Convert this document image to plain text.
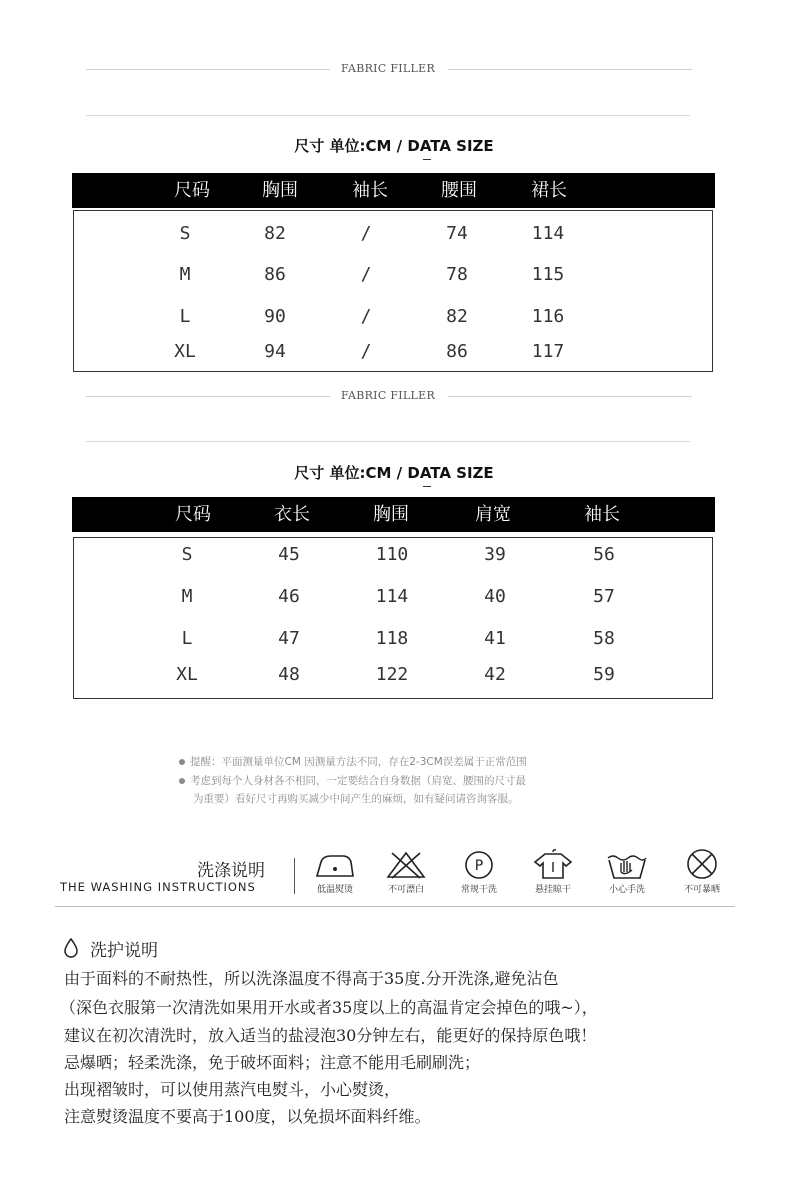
FABRIC FILLER
尺寸 单位:CM / DATA SIZE
尺码	胸围	袖长	腰围	裙长
S	82	/	74	114
M	86	/	78	115
L	90	/	82	116
XL	94	/	86	117
FABRIC FILLER
尺寸 单位:CM / DATA SIZE
尺码	衣长	胸围	肩宽	袖长
S	45	110	39	56
M	46	114	40	57
L	47	118	41	58
XL	48	122	42	59
提醒：平面测量单位CM 因测量方法不同，存在2-3CM误差属于正常范围
考虑到每个人身材各不相同，一定要结合自身数据（肩宽、腰围的尺寸最
为重要）看好尺寸再购买减少中间产生的麻烦，如有疑问请咨询客服。
洗涤说明
THE WASHING INSTRUCTIONS	低温熨烫	不可漂白
P
常规干洗	悬挂晾干	小心手洗	不可暴晒
洗护说明
由于面料的不耐热性，所以洗涤温度不得高于35度.分开洗涤,避免沾色
（深色衣服第一次清洗如果用开水或者35度以上的高温肯定会掉色的哦~），
建议在初次清洗时，放入适当的盐浸泡30分钟左右，能更好的保持原色哦！
忌爆晒；轻柔洗涤，免于破坏面料；注意不能用毛刷刷洗；
出现褶皱时，可以使用蒸汽电熨斗，小心熨烫，
注意熨烫温度不要高于100度，以免损坏面料纤维。
